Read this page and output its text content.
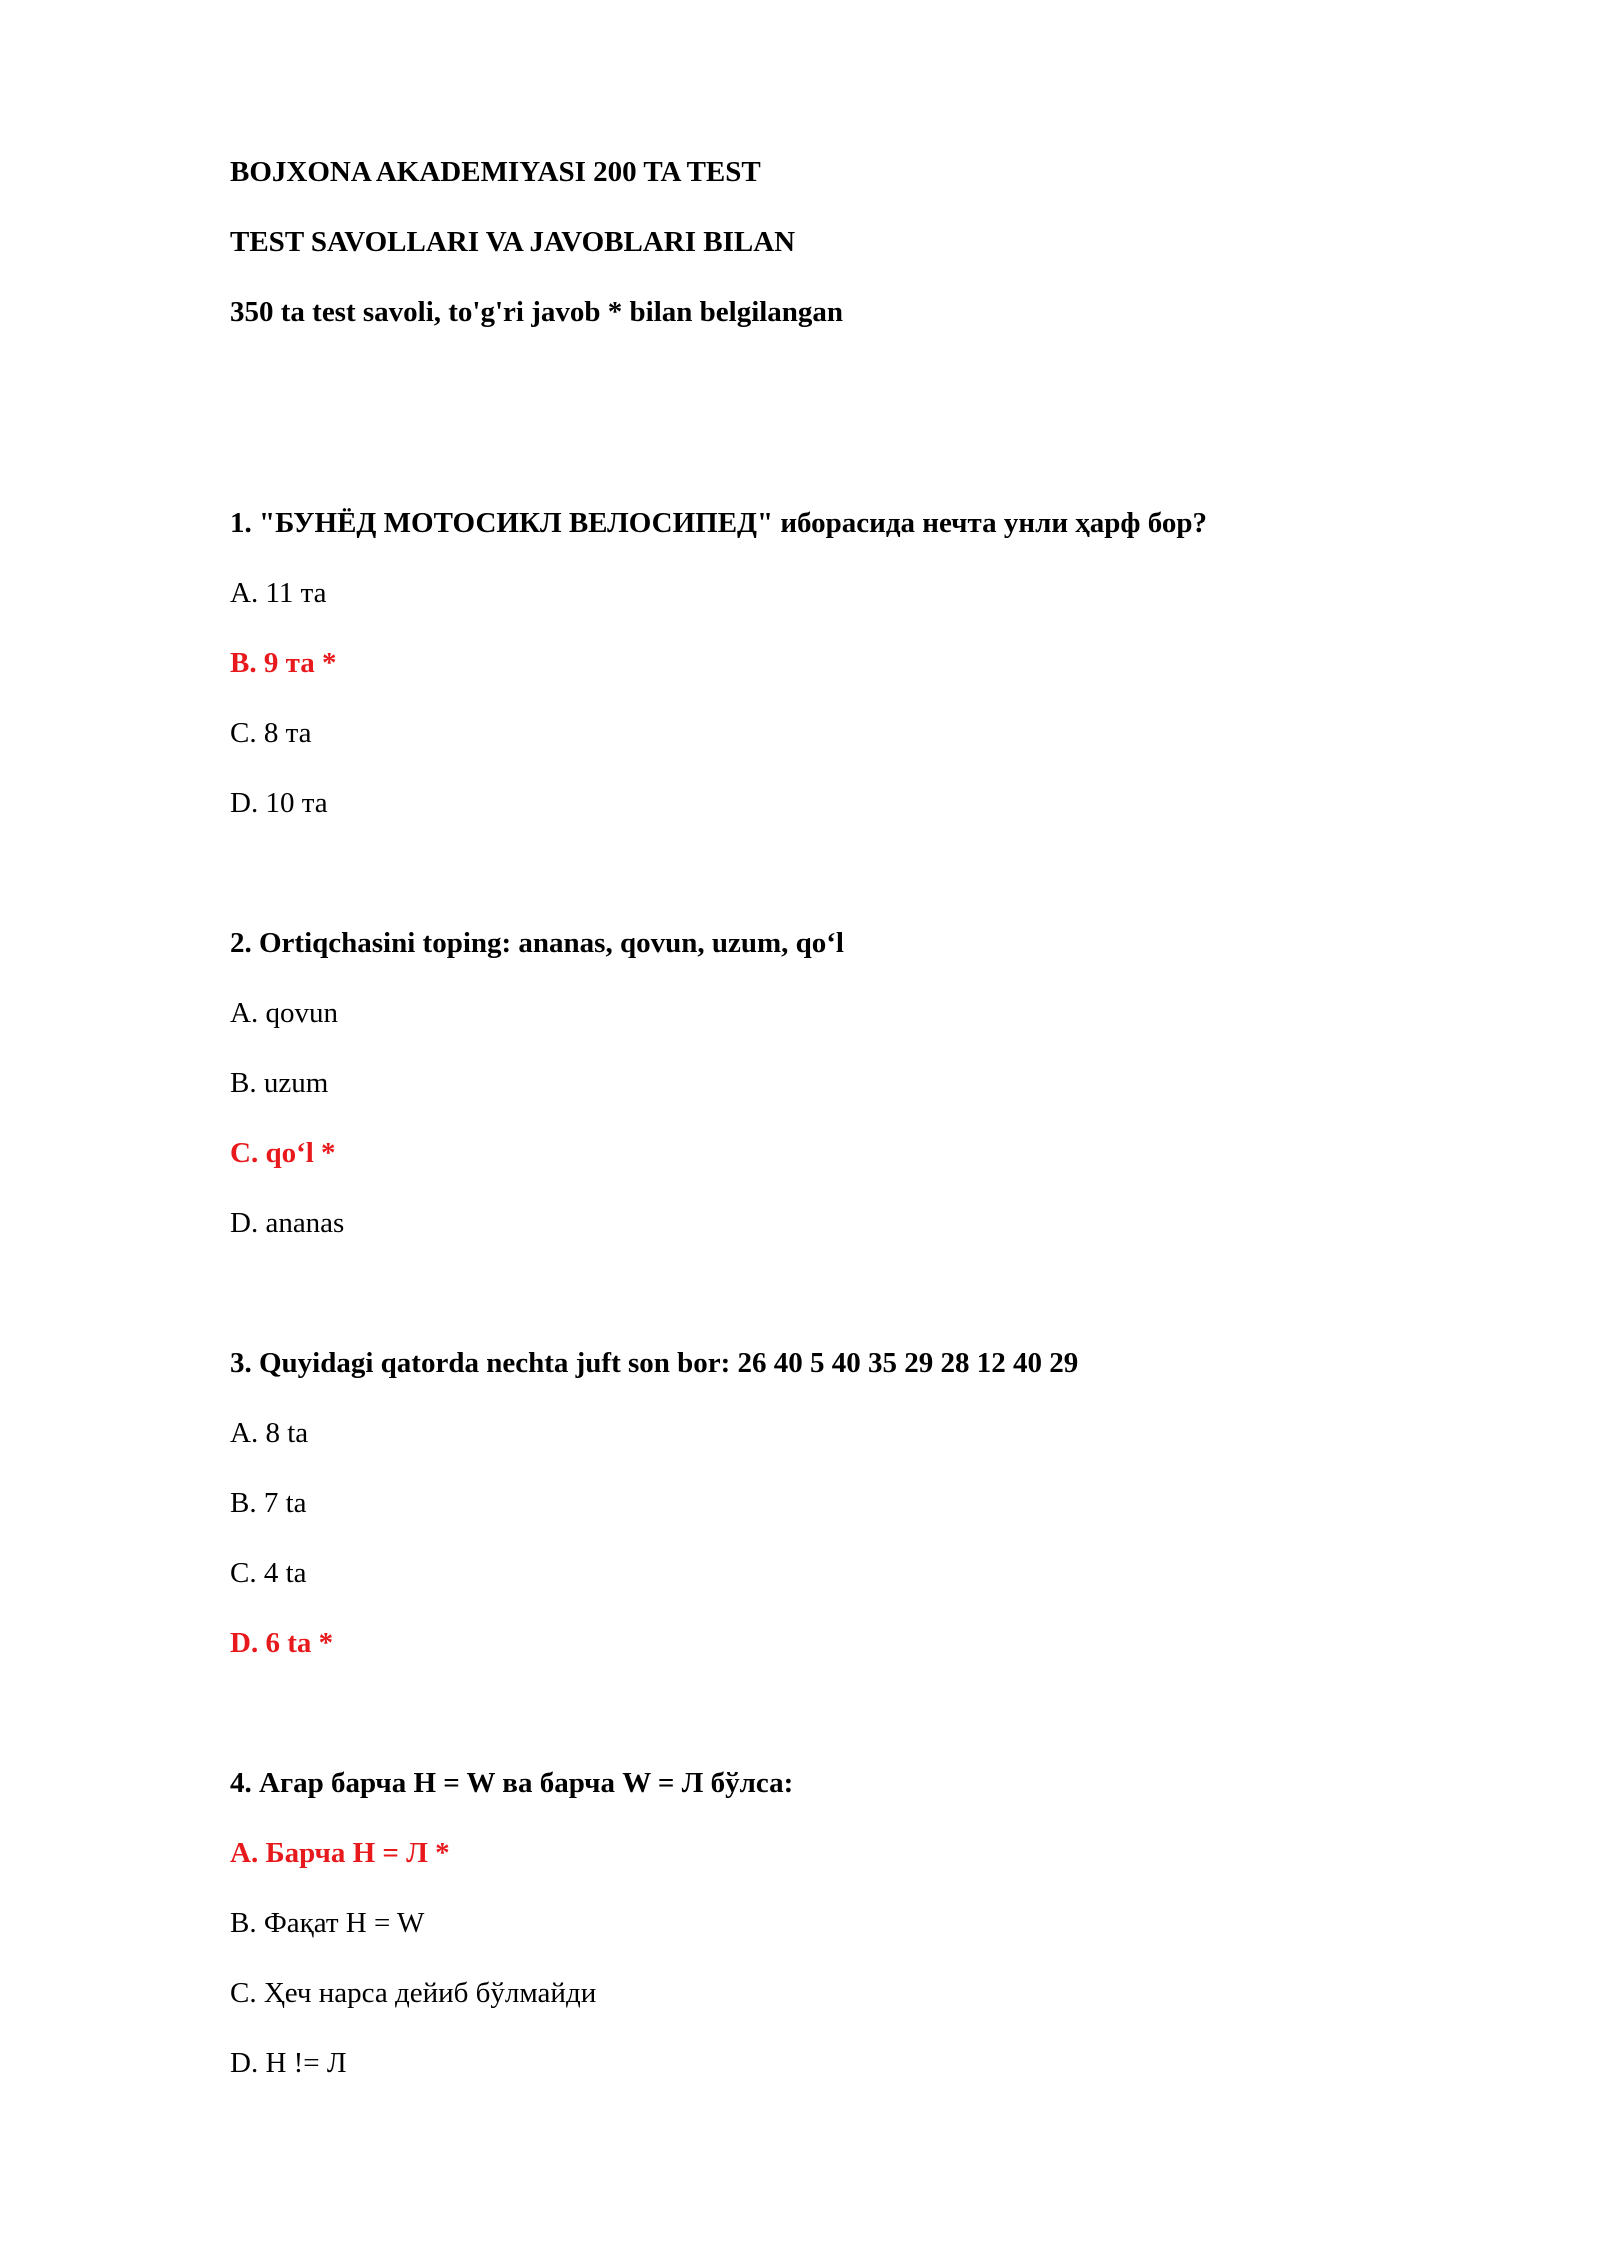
BOJXONA AKADEMIYASI 200 TA TEST
TEST SAVOLLARI VA JAVOBLARI BILAN
350 ta test savoli, to'g'ri javob * bilan belgilangan
1. "БУНЁД МОТОСИКЛ ВЕЛОСИПЕД" иборасида нечта унли ҳарф бор?
A. 11 та
B. 9 та *
C. 8 та
D. 10 та
2. Ortiqchasini toping: ananas, qovun, uzum, qo‘l
A. qovun
B. uzum
C. qo‘l *
D. ananas
3. Quyidagi qatorda nechta juft son bor: 26 40 5 40 35 29 28 12 40 29
A. 8 ta
B. 7 ta
C. 4 ta
D. 6 ta *
4. Агар барча H = W ва барча W = Л бўлса:
A. Барча H = Л *
B. Фақат H = W
C. Ҳеч нарса дейиб бўлмайди
D. H != Л
